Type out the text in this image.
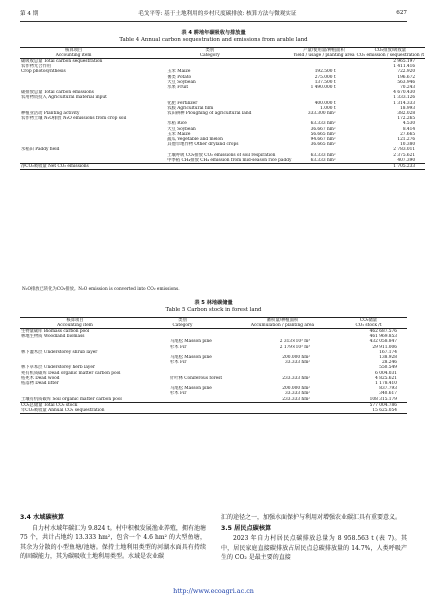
第 4 期	毛戈平等: 基于土地利用的乡村尺度碳排放: 核算方法与微观实证	627
表 4 耕地年碳吸收与排放量
Table 4 Annual carbon sequestration and emissions from arable land
核算项目	类别	产量/使用量/种植面积	CO₂排放/吸收量
Accounting item	Category	Yield / usage / planting area	CO₂ emission / sequestration /t
碳吸收总量 Total carbon sequestration			2 965.197
农作物光合作用			1 411.416
Crop photosynthesis	玉米 Maize	192.500 t	722.920
	薯类 Potato	275.000 t	196.672
	大豆 Soybean	137.500 t	563.946
	水果 Fruit	1 490.000 t	70.243
碳排放总量 Total carbon emissions			4 670.430
农用物资投入 Agricultural material input			1 333.126
	化肥 Fertilizer	400.000 t	1 314.333
	农膜 Agricultural film	1.000 t	18.993
种植业活动 Planting activity	农田耕种 Ploughing of agricultural land	333.300 hm²	382.028
农作物土壤 N₂O排放 N₂O emissions from crop soil			172.265
	水稻 Rice	63.333 hm²	4.530
	大豆 Soybean	36.667 hm²	8.414
	玉米 Maize	56.665 hm²	27.665
	蔬瓜 Vegetable and melon	94.667 hm²	121.276
	其他旱地作物 Other dryland crops	36.665 hm²	10.380
水稻田 Paddy field			2 783.011
	土壤呼吸 CO₂排放 CO₂ emissions of soil respiration	63.333 hm²	2 375.621
	中季稻 CH₄排放 CH₄ emission from mid-season rice paddy	63.333 hm²	407.390
净CO₂吸收量 Net CO₂ emissions			1 705.233
N₂O排放已转化为CO₂排放。N₂O emission is converted into CO₂ emissions.
表 5 林地碳储量
Table 5 Carbon stock in forest land
核算项目	类别	蓄积量/种植面积	CO₂储量
Accounting item	Category	Accumulation / planting area	CO₂ stock /t
生物量碳库 Biomass carbon pool			462 687.576
林地生物质 Woodland biomass			461 969.853
	马尾松 Masson pine	2 313×10³ m³	432 058.847
	杉木 Fir	2 179×10³ m³	29 911.006
林下灌木层 Understorey shrub layer			167.174
	马尾松 Masson pine	200.000 hm²	138.928
	杉木 Fir	33.333 hm²	28.246
林下草本层 Understorey herb layer			550.549
死有机质碳库 Dead organic matter carbon pool			6 004.031
枯死木 Dead wood	针叶林 Coniferous forest	233.333 hm²	4 825.621
枯落物 Dead litter			1 178.410
	马尾松 Masson pine	200.000 hm²	837.793
	杉木 Fir	33.333 hm²	340.617
土壤有机质碳库 Soil organic matter carbon pool		233.333 hm²	108 315.179
CO₂总储量 Total CO₂ stock			577 004.786
年CO₂吸收量 Annual CO₂ sequestration			15 625.054
3.4 水域碳核算

自力村水域年碳汇为 9.824 t。村中积极发展渔业养殖，拥有池塘 75 个，共计占地约 13.333 hm²，包含一个 4.6 hm² 的大型鱼塘，其余为分散的小型鱼塘/池塘。保持土地利用类型的河湖水面具有持续的固碳能力，其为碳吸收土地利用类型。水域是农业碳

汇的途径之一，加强水面保护与利用对增强农业碳汇具有重要意义。
3.5 居民点碳核算

2023 年自力村居民点碳排放总量为 8 958.563 t (表 7)。其中，居民家庭直接碳排放占居民点总碳排放量的 14.7%，人类呼吸产生的 CO₂ 是最主要的直接

http://www.ecoagri.ac.cn
